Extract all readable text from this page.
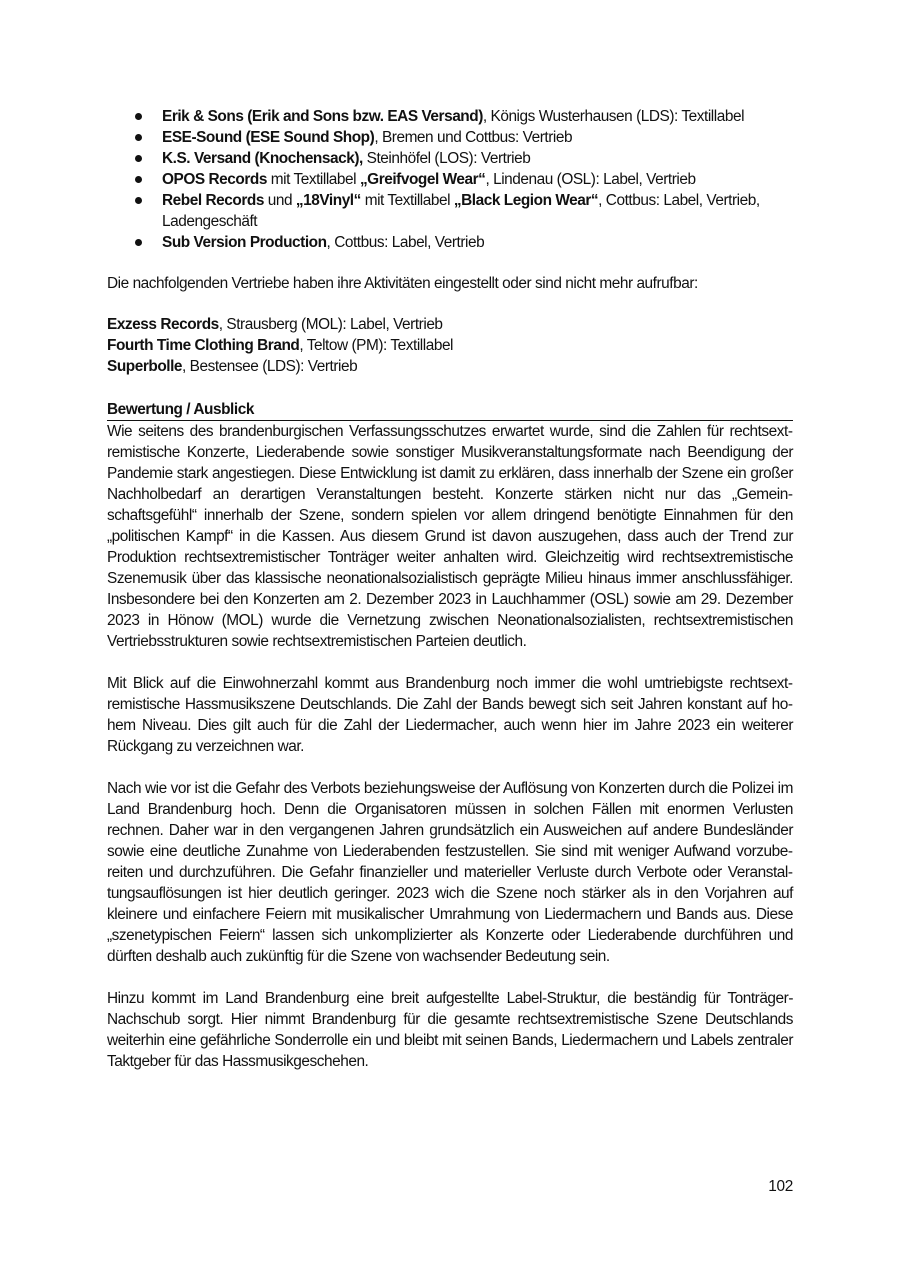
Erik & Sons (Erik and Sons bzw. EAS Versand), Königs Wusterhausen (LDS): Textillabel
ESE-Sound (ESE Sound Shop), Bremen und Cottbus: Vertrieb
K.S. Versand (Knochensack), Steinhöfel (LOS): Vertrieb
OPOS Records mit Textillabel „Greifvogel Wear“, Lindenau (OSL): Label, Vertrieb
Rebel Records und „18Vinyl“ mit Textillabel „Black Legion Wear“, Cottbus: Label, Vertrieb, Ladengeschäft
Sub Version Production, Cottbus: Label, Vertrieb
Die nachfolgenden Vertriebe haben ihre Aktivitäten eingestellt oder sind nicht mehr aufrufbar:
Exzess Records, Strausberg (MOL): Label, Vertrieb
Fourth Time Clothing Brand, Teltow (PM): Textillabel
Superbolle, Bestensee (LDS): Vertrieb
Bewertung / Ausblick

Wie seitens des brandenburgischen Verfassungsschutzes erwartet wurde, sind die Zahlen für rechtsextremistische Konzerte, Liederabende sowie sonstiger Musikveranstaltungsformate nach Beendigung der Pandemie stark angestiegen. Diese Entwicklung ist damit zu erklären, dass innerhalb der Szene ein großer Nachholbedarf an derartigen Veranstaltungen besteht. Konzerte stärken nicht nur das „Gemeinschaftsgefühl“ innerhalb der Szene, sondern spielen vor allem dringend benötigte Einnahmen für den „politischen Kampf“ in die Kassen. Aus diesem Grund ist davon auszugehen, dass auch der Trend zur Produktion rechtsextremistischer Tonträger weiter anhalten wird. Gleichzeitig wird rechtsextremistische Szenemusik über das klassische neonationalsozialistisch geprägte Milieu hinaus immer anschlussfähiger. Insbesondere bei den Konzerten am 2. Dezember 2023 in Lauchhammer (OSL) sowie am 29. Dezember 2023 in Hönow (MOL) wurde die Vernetzung zwischen Neonationalsozialisten, rechtsextremistischen Vertriebsstrukturen sowie rechtsextremistischen Parteien deutlich.

Mit Blick auf die Einwohnerzahl kommt aus Brandenburg noch immer die wohl umtriebigste rechtsextremistische Hassmusikszene Deutschlands. Die Zahl der Bands bewegt sich seit Jahren konstant auf hohem Niveau. Dies gilt auch für die Zahl der Liedermacher, auch wenn hier im Jahre 2023 ein weiterer Rückgang zu verzeichnen war.

Nach wie vor ist die Gefahr des Verbots beziehungsweise der Auflösung von Konzerten durch die Polizei im Land Brandenburg hoch. Denn die Organisatoren müssen in solchen Fällen mit enormen Verlusten rechnen. Daher war in den vergangenen Jahren grundsätzlich ein Ausweichen auf andere Bundesländer sowie eine deutliche Zunahme von Liederabenden festzustellen. Sie sind mit weniger Aufwand vorzubereiten und durchzuführen. Die Gefahr finanzieller und materieller Verluste durch Verbote oder Veranstaltungsauflösungen ist hier deutlich geringer. 2023 wich die Szene noch stärker als in den Vorjahren auf kleinere und einfachere Feiern mit musikalischer Umrahmung von Liedermachern und Bands aus. Diese „szenetypischen Feiern“ lassen sich unkomplizierter als Konzerte oder Liederabende durchführen und dürften deshalb auch zukünftig für die Szene von wachsender Bedeutung sein.

Hinzu kommt im Land Brandenburg eine breit aufgestellte Label-Struktur, die beständig für Tonträger-Nachschub sorgt. Hier nimmt Brandenburg für die gesamte rechtsextremistische Szene Deutschlands weiterhin eine gefährliche Sonderrolle ein und bleibt mit seinen Bands, Liedermachern und Labels zentraler Taktgeber für das Hassmusikgeschehen.

102
